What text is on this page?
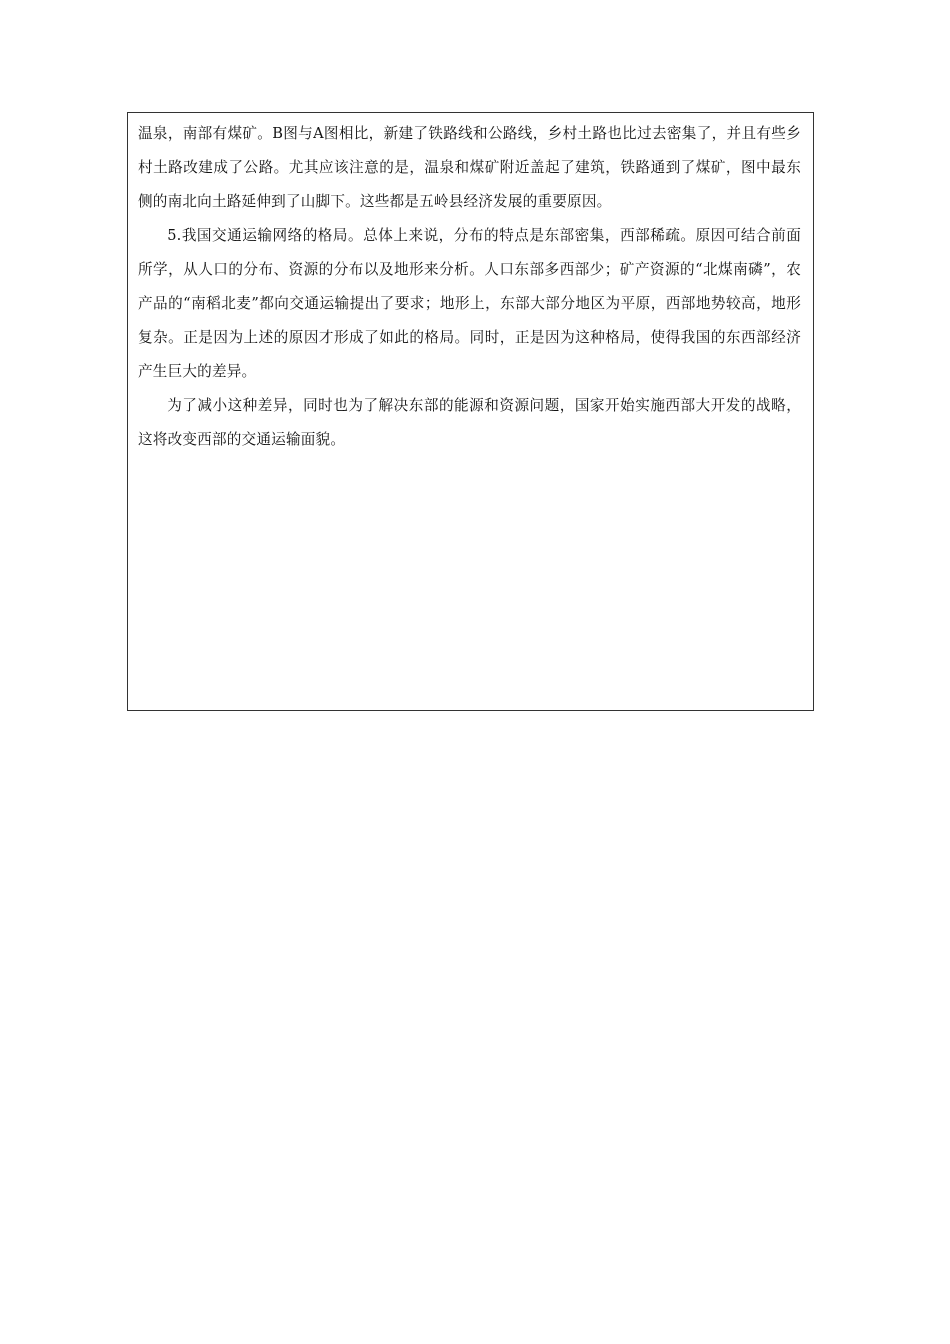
温泉，南部有煤矿。B图与A图相比，新建了铁路线和公路线，乡村土路也比过去密集了，并且有些乡村土路改建成了公路。尤其应该注意的是，温泉和煤矿附近盖起了建筑，铁路通到了煤矿，图中最东侧的南北向土路延伸到了山脚下。这些都是五岭县经济发展的重要原因。

5.我国交通运输网络的格局。总体上来说，分布的特点是东部密集，西部稀疏。原因可结合前面所学，从人口的分布、资源的分布以及地形来分析。人口东部多西部少；矿产资源的“北煤南磷”，农产品的“南稻北麦”都向交通运输提出了要求；地形上，东部大部分地区为平原，西部地势较高，地形复杂。正是因为上述的原因才形成了如此的格局。同时，正是因为这种格局，使得我国的东西部经济产生巨大的差异。

为了减小这种差异，同时也为了解决东部的能源和资源问题，国家开始实施西部大开发的战略，这将改变西部的交通运输面貌。
